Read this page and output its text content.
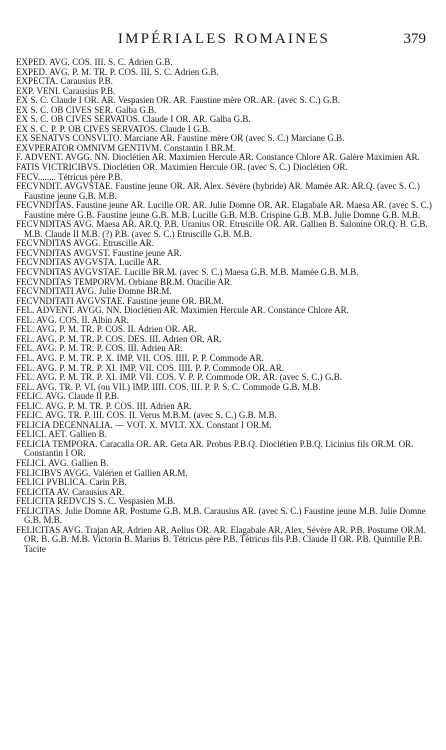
IMPÉRIALES ROMAINES	379
EXPED. AVG. COS. III. S. C. Adrien G.B.
EXPED. AVG. P. M. TR. P. COS. III. S. C. Adrien G.B.
EXPECTA. Carausius P.B.
EXP. VENI. Carausius P.B.
EX S. C. Claude I OR. AR. Vespasien OR. AR. Faustine mère OR. AR. (avec S. C.) G.B.
EX S. C. OB CIVES SER. Galba G.B.
EX S. C. OB CIVES SERVATOS. Claude I OR. AR. Galba G.B.
EX S. C. P. P. OB CIVES SERVATOS. Claude I G.B.
EX SENATVS CONSVLTO. Marciane AR. Faustine mère OR (avec S. C.) Marciane G.B.
EXVPERATOR OMNIVM GENTIVM. Constantin I BR.M.
F. ADVENT. AVGG. NN. Dioclétien AR. Maximien Hercule AR. Constance Chlore AR. Galère Maximien AR.
FATIS VICTRICIBVS. Dioclétien OR. Maximien Hercule OR. (avec S. C.) Dioclétien OR.
FECV........ Tétricus père P.B.
FECVNDIT. AVGVSTAE. Faustine jeune OR. AR. Alex. Sévère (hybride) AR. Mamée AR. AR.Q. (avec S. C.) Faustine jeune G.B. M.B.
FECVNDITAS. Faustine jeune AR. Lucille OR. AR. Julie Domne OR. AR. Elagabale AR. Maesa AR. (avec S. C.) Faustine mère G.B. Faustine jeune G.B. M.B. Lucille G.B. M.B. Crispine G.B. M.B. Julie Domne G.B. M.B.
FECVNDITAS AVG. Maesa AR. AR.Q. P.B. Uranius OR. Etruscille OR. AR. Gallien B. Salonine OR.Q. B. G.B. M.B. Claude II M.B. (?) P.B. (avec S. C.) Etruscille G.B. M.B.
FECVNDITAS AVGG. Etruscille AR.
FECVNDITAS AVGVST. Faustine jeune AR.
FECVNDITAS AVGVSTA. Lucille AR.
FECVNDITAS AVGVSTAE. Lucille BR.M. (avec S. C.) Maesa G.B. M.B. Mamée G.B. M.B.
FECVNDITAS TEMPORVM. Orbiane BR.M. Otacilie AR.
FECVNDITATI AVG. Julie Domne BR.M.
FECVNDITATI AVGVSTAE. Faustine jeune OR. BR.M.
FEL. ADVENT. AVGG. NN. Dioclétien AR. Maximien Hercule AR. Constance Chlore AR.
FEL. AVG. COS. II. Albin AR.
FEL. AVG. P. M. TR. P. COS. II. Adrien OR. AR.
FEL. AVG. P. M. TR. P. COS. DES. III. Adrien OR. AR.
FEL. AVG. P. M. TR. P. COS. III. Adrien AR.
FEL. AVG. P. M. TR. P. X. IMP. VII. COS. IIII. P. P. Commode AR.
FEL. AVG. P. M. TR. P. XI. IMP. VII. COS. IIII. P. P. Commode OR. AR.
FEL. AVG. P. M. TR. P. XI. IMP. VII. COS. V. P. P. Commode OR. AR. (avec S. C.) G.B.
FEL. AVG. TR. P. VI. (ou VII.) IMP. IIII. COS. III. P. P. S. C. Commode G.B. M.B.
FELIC. AVG. Claude II P.B.
FELIC. AVG. P. M. TR. P. COS. III. Adrien AR.
FELIC. AVG. TR. P. III. COS. II. Verus M.B.M. (avec S. C.) G.B. M.B.
FELICIA DECENNALIA. — VOT. X. MVLT. XX. Constant I OR.M.
FELICI. AET. Gallien B.
FELICIA TEMPORA. Caracalla OR. AR. Geta AR. Probus P.B.Q. Dioclétien P.B.Q. Licinius fils OR.M. OR. Constantin I OR.
FELICI. AVG. Gallien B.
FELICIBVS AVGG. Valérien et Gallien AR.M.
FELICI PVBLICA. Carin P.B.
FELICITA AV. Carausius AR.
FELICITA REDVCIS S. C. Vespasien M.B.
FELICITAS. Julie Domne AR. Postume G.B. M.B. Carausius AR. (avec S. C.) Faustine jeune M.B. Julie Domne G.B. M.B.
FELICITAS AVG. Trajan AR. Adrien AR. Aelius OR. AR. Elagabale AR. Alex. Sévère AR. P.B. Postume OR.M. OR. B. G.B. M.B. Victorin B. Marius B. Tétricus père P.B. Tétricus fils P.B. Claude II OR. P.B. Quintille P.B. Tacite
